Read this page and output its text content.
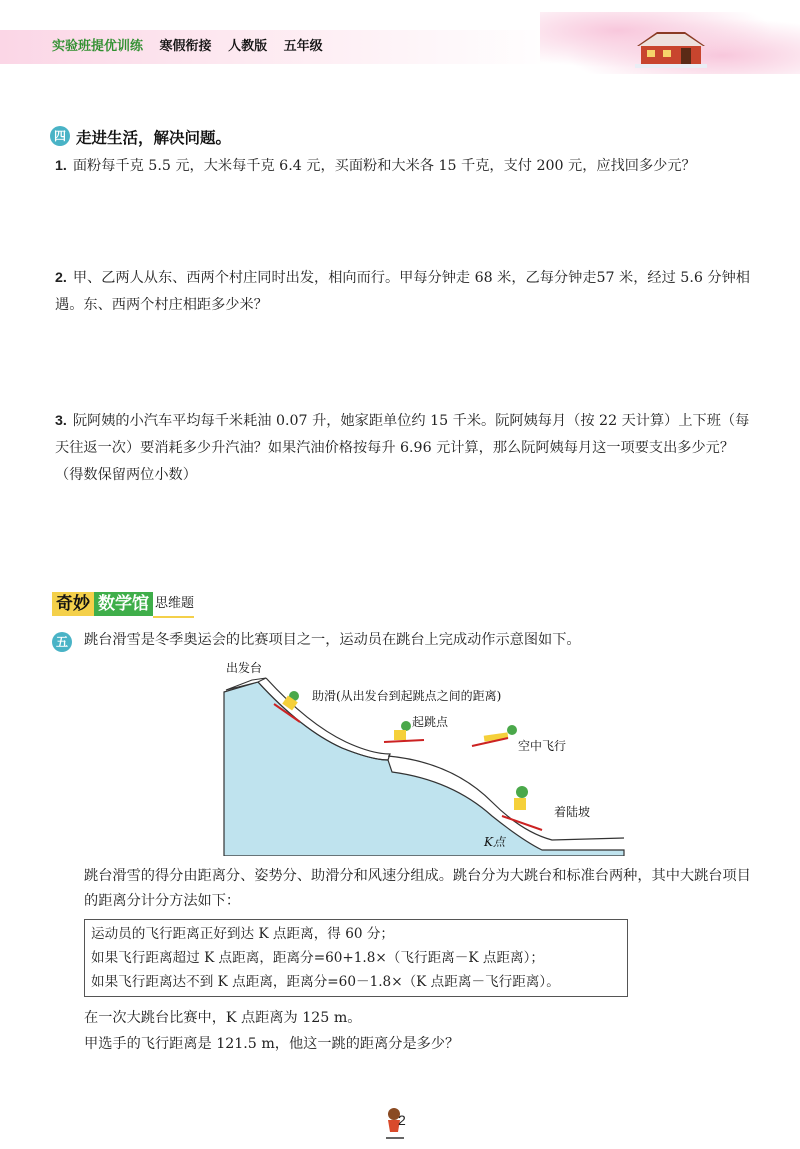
实验班提优训练 寒假衔接 人教版 五年级
四 走进生活，解决问题。
1. 面粉每千克 5.5 元，大米每千克 6.4 元，买面粉和大米各 15 千克，支付 200 元，应找回多少元？
2. 甲、乙两人从东、西两个村庄同时出发，相向而行。甲每分钟走 68 米，乙每分钟走57 米，经过 5.6 分钟相遇。东、西两个村庄相距多少米？
3. 阮阿姨的小汽车平均每千米耗油 0.07 升，她家距单位约 15 千米。阮阿姨每月（按 22 天计算）上下班（每天往返一次）要消耗多少升汽油？如果汽油价格按每升 6.96 元计算，那么阮阿姨每月这一项要支出多少元？（得数保留两位小数）
奇妙 数学馆 思维题
五 跳台滑雪是冬季奥运会的比赛项目之一，运动员在跳台上完成动作示意图如下。
出发台
助滑(从出发台到起跳点之间的距离)
起跳点
空中飞行
着陆坡
K点
跳台滑雪的得分由距离分、姿势分、助滑分和风速分组成。跳台分为大跳台和标准台两种，其中大跳台项目的距离分计分方法如下：
运动员的飞行距离正好到达 K 点距离，得 60 分；
如果飞行距离超过 K 点距离，距离分=60+1.8×（飞行距离－K 点距离）；
如果飞行距离达不到 K 点距离，距离分=60－1.8×（K 点距离－飞行距离）。
在一次大跳台比赛中，K 点距离为 125 m。
甲选手的飞行距离是 121.5 m，他这一跳的距离分是多少？
2
